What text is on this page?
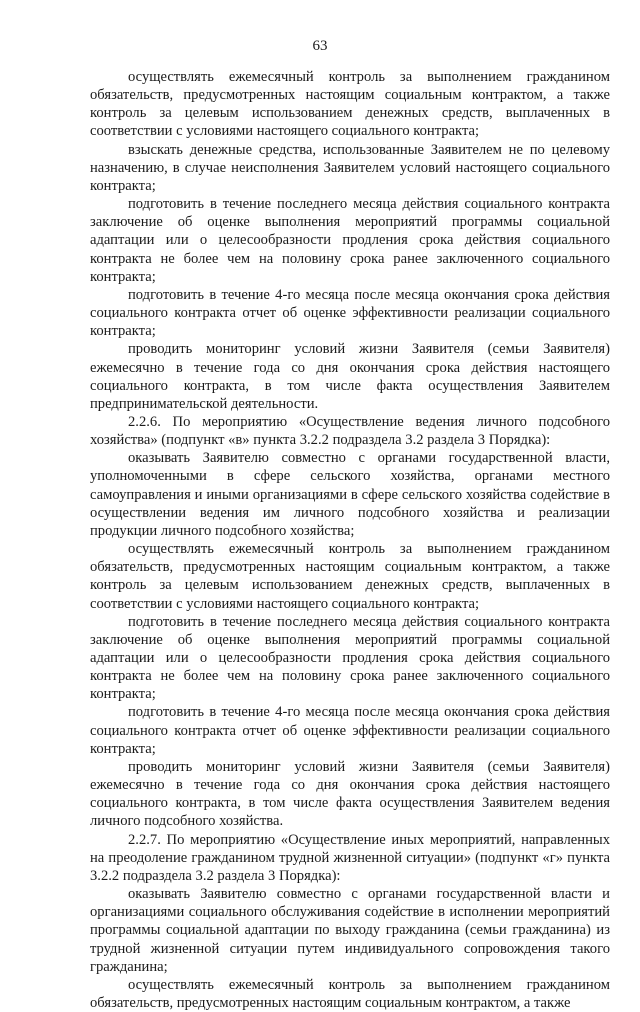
63

осуществлять ежемесячный контроль за выполнением гражданином обязательств, предусмотренных настоящим социальным контрактом, а также контроль за целевым использованием денежных средств, выплаченных в соответствии с условиями настоящего социального контракта;

взыскать денежные средства, использованные Заявителем не по целевому назначению, в случае неисполнения Заявителем условий настоящего социального контракта;

подготовить в течение последнего месяца действия социального контракта заключение об оценке выполнения мероприятий программы социальной адаптации или о целесообразности продления срока действия социального контракта не более чем на половину срока ранее заключенного социального контракта;

подготовить в течение 4-го месяца после месяца окончания срока действия социального контракта отчет об оценке эффективности реализации социального контракта;

проводить мониторинг условий жизни Заявителя (семьи Заявителя) ежемесячно в течение года со дня окончания срока действия настоящего социального контракта, в том числе факта осуществления Заявителем предпринимательской деятельности.

2.2.6. По мероприятию «Осуществление ведения личного подсобного хозяйства» (подпункт «в» пункта 3.2.2 подраздела 3.2 раздела 3 Порядка):

оказывать Заявителю совместно с органами государственной власти, уполномоченными в сфере сельского хозяйства, органами местного самоуправления и иными организациями в сфере сельского хозяйства содействие в осуществлении ведения им личного подсобного хозяйства и реализации продукции личного подсобного хозяйства;

осуществлять ежемесячный контроль за выполнением гражданином обязательств, предусмотренных настоящим социальным контрактом, а также контроль за целевым использованием денежных средств, выплаченных в соответствии с условиями настоящего социального контракта;

подготовить в течение последнего месяца действия социального контракта заключение об оценке выполнения мероприятий программы социальной адаптации или о целесообразности продления срока действия социального контракта не более чем на половину срока ранее заключенного социального контракта;

подготовить в течение 4-го месяца после месяца окончания срока действия социального контракта отчет об оценке эффективности реализации социального контракта;

проводить мониторинг условий жизни Заявителя (семьи Заявителя) ежемесячно в течение года со дня окончания срока действия настоящего социального контракта, в том числе факта осуществления Заявителем ведения личного подсобного хозяйства.

2.2.7. По мероприятию «Осуществление иных мероприятий, направленных на преодоление гражданином трудной жизненной ситуации» (подпункт «г» пункта 3.2.2 подраздела 3.2 раздела 3 Порядка):

оказывать Заявителю совместно с органами государственной власти и организациями социального обслуживания содействие в исполнении мероприятий программы социальной адаптации по выходу гражданина (семьи гражданина) из трудной жизненной ситуации путем индивидуального сопровождения такого гражданина;

осуществлять ежемесячный контроль за выполнением гражданином обязательств, предусмотренных настоящим социальным контрактом, а также
